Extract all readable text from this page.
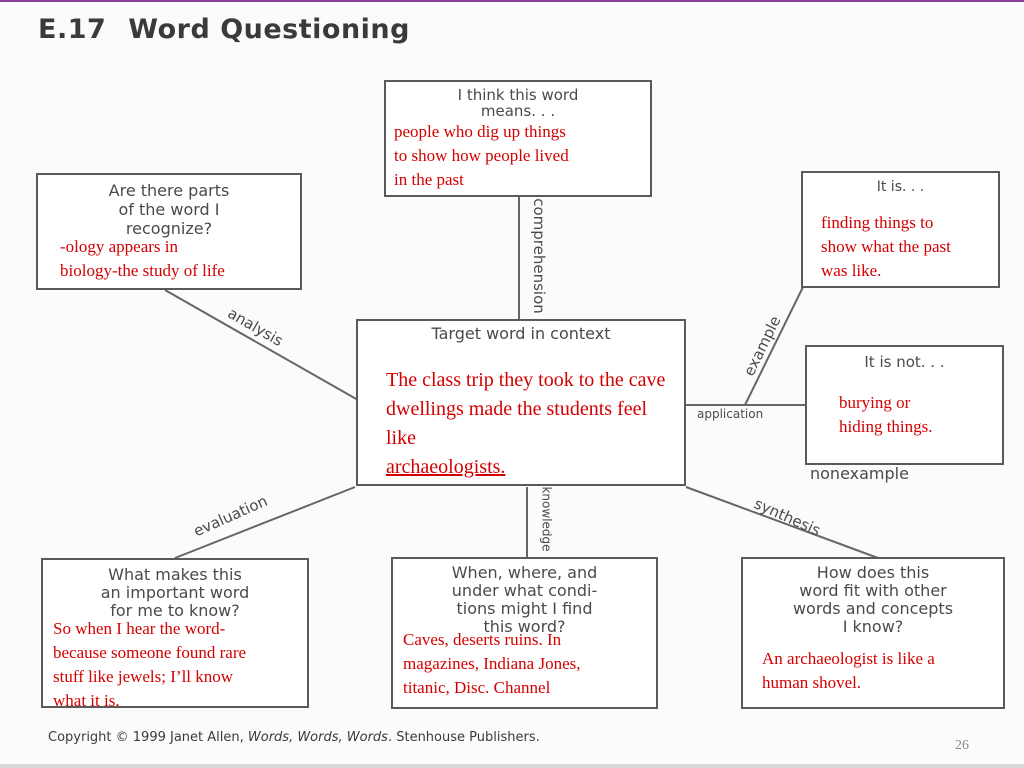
E.17 Word Questioning
I think this word
means. . .
people who dig up things
to show how people lived
in the past
Are there parts
of the word I
recognize?
-ology appears in
biology-the study of life
It is. . .
finding things to
show what the past
was like.
It is not. . .
burying or
hiding things.
Target word in context
The class trip they took to the cave dwellings made the students feel like
archaeologists.
What makes this
an important word
for me to know?
So when I hear the word-
because someone found rare
stuff like jewels; I’ll know
what it is.
When, where, and
under what condi-
tions might I find
this word?
Caves, deserts ruins. In
magazines, Indiana Jones,
titanic, Disc. Channel
How does this
word fit with other
words and concepts
I know?
An archaeologist is like a
human shovel.
analysis
comprehension
example
application
nonexample
evaluation	knowledge	synthesis
Copyright © 1999 Janet Allen, Words, Words, Words. Stenhouse Publishers.
26
